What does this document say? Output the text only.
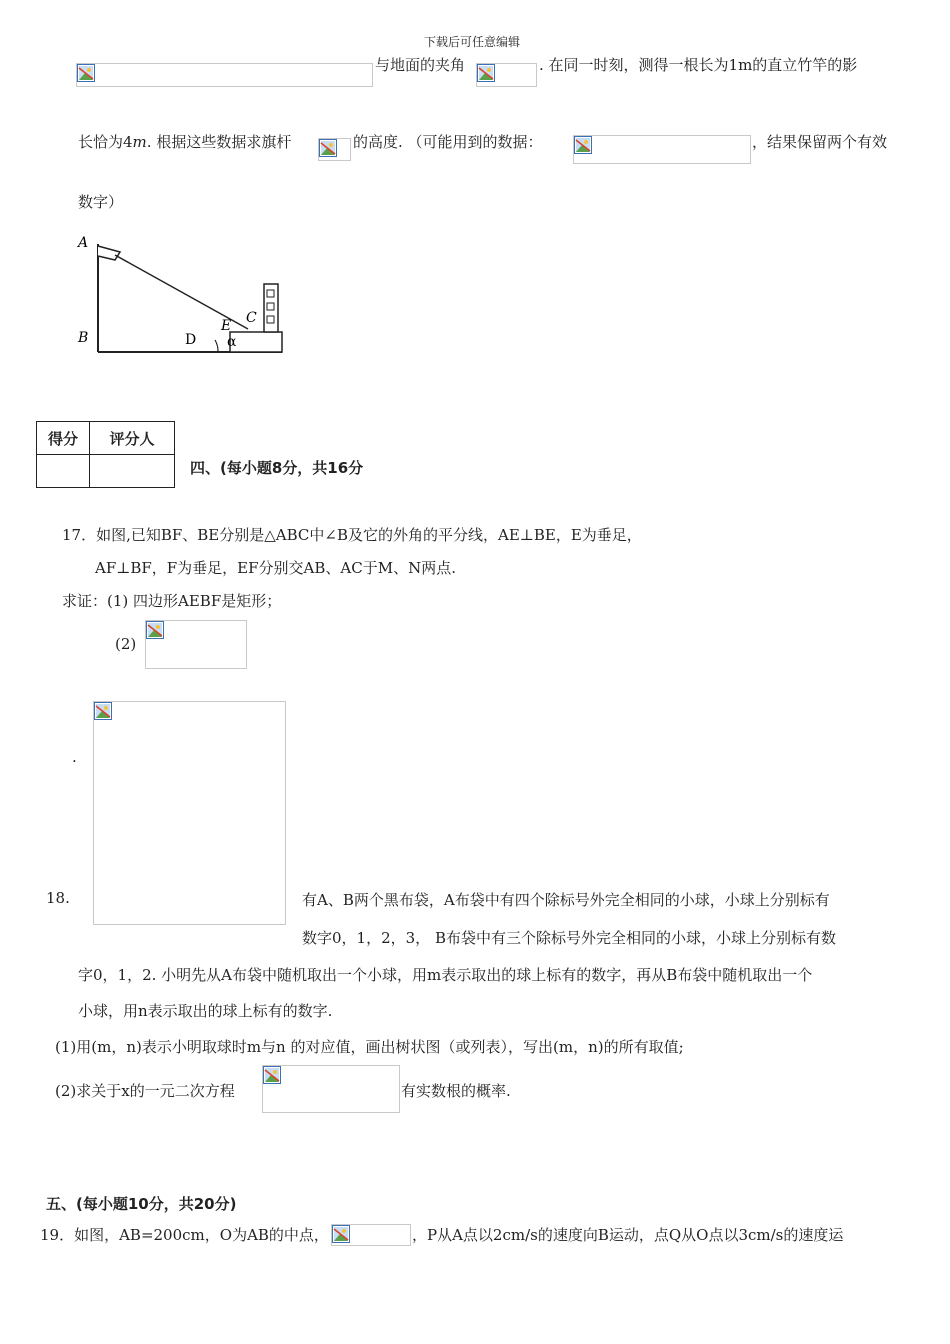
下载后可任意编辑
与地面的夹角	. 在同一时刻，测得一根长为1m的直立竹竿的影
长恰为4m. 根据这些数据求旗杆	的高度. （可能用到的数据：	，结果保留两个有效
数字）
A
B
C
D
E
α
得分	评分人

四、(每小题8分，共16分
17．如图,已知BF、BE分别是△ABC中∠B及它的外角的平分线，AE⊥BE，E为垂足，
AF⊥BF，F为垂足，EF分别交AB、AC于M、N两点.
求证：(1) 四边形AEBF是矩形；
(2)
.
18.	有A、B两个黑布袋，A布袋中有四个除标号外完全相同的小球，小球上分别标有
数字0，1，2，3， B布袋中有三个除标号外完全相同的小球，小球上分别标有数
字0，1，2. 小明先从A布袋中随机取出一个小球，用m表示取出的球上标有的数字，再从B布袋中随机取出一个
小球，用n表示取出的球上标有的数字.
(1)用(m，n)表示小明取球时m与n 的对应值，画出树状图（或列表），写出(m，n)的所有取值;
(2)求关于x的一元二次方程	有实数根的概率.
五、(每小题10分，共20分)
19．如图，AB=200cm，O为AB的中点，	，P从A点以2cm/s的速度向B运动，点Q从O点以3cm/s的速度运
